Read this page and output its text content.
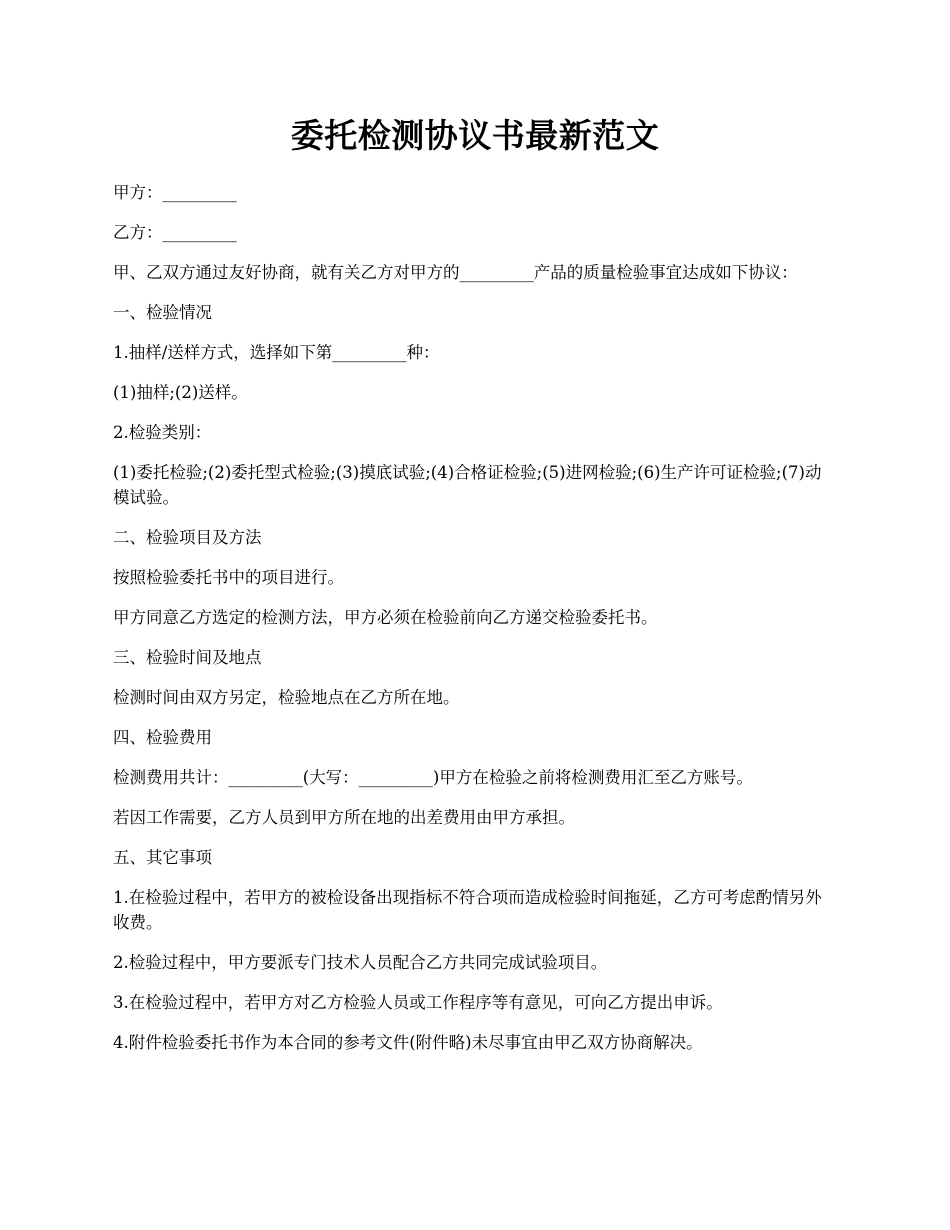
委托检测协议书最新范文

甲方：_________

乙方：_________

甲、乙双方通过友好协商，就有关乙方对甲方的_________产品的质量检验事宜达成如下协议：

一、检验情况

1.抽样/送样方式，选择如下第_________种：

(1)抽样;(2)送样。

2.检验类别：

(1)委托检验;(2)委托型式检验;(3)摸底试验;(4)合格证检验;(5)进网检验;(6)生产许可证检验;(7)动模试验。

二、检验项目及方法

按照检验委托书中的项目进行。

甲方同意乙方选定的检测方法，甲方必须在检验前向乙方递交检验委托书。

三、检验时间及地点

检测时间由双方另定，检验地点在乙方所在地。

四、检验费用

检测费用共计：_________(大写：_________)甲方在检验之前将检测费用汇至乙方账号。

若因工作需要，乙方人员到甲方所在地的出差费用由甲方承担。

五、其它事项

1.在检验过程中，若甲方的被检设备出现指标不符合项而造成检验时间拖延，乙方可考虑酌情另外收费。

2.检验过程中，甲方要派专门技术人员配合乙方共同完成试验项目。

3.在检验过程中，若甲方对乙方检验人员或工作程序等有意见，可向乙方提出申诉。

4.附件检验委托书作为本合同的参考文件(附件略)未尽事宜由甲乙双方协商解决。
